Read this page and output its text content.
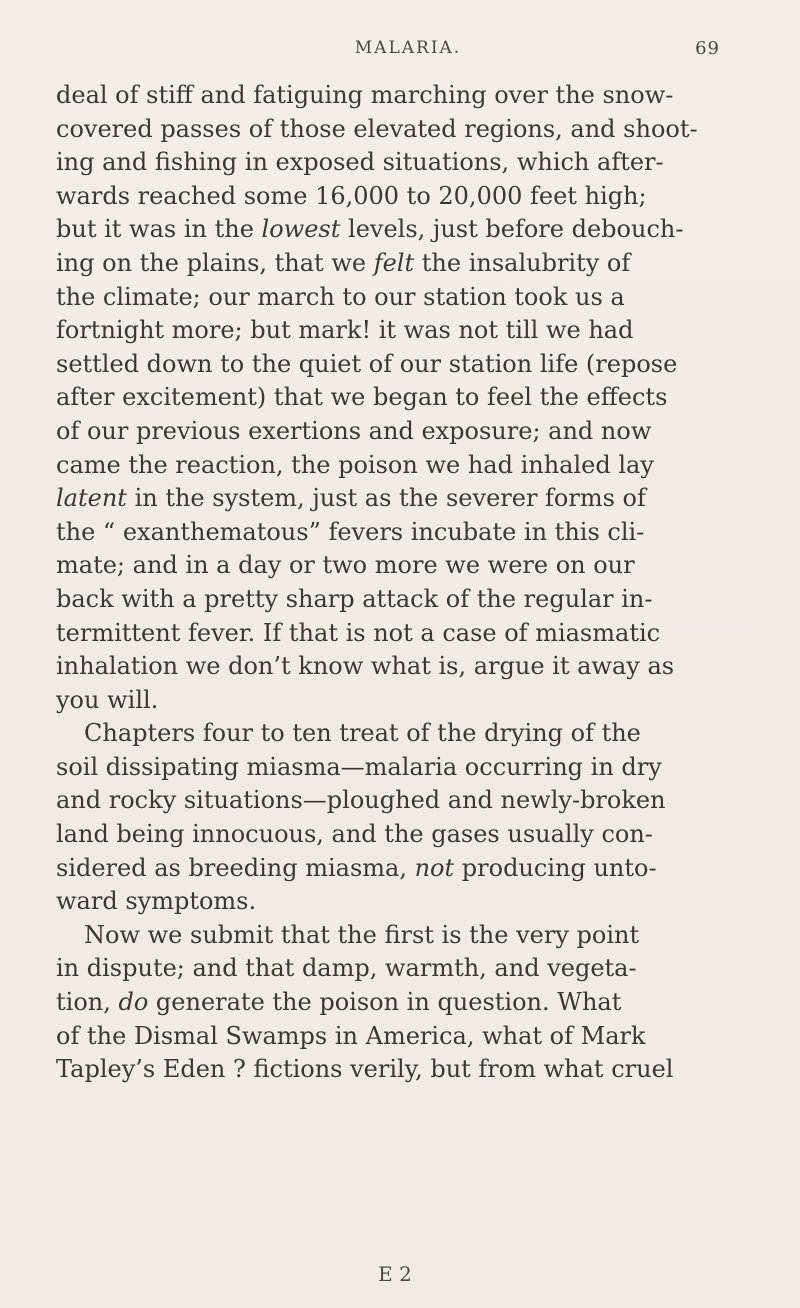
MALARIA.	69

deal of stiff and fatiguing marching over the snow-
covered passes of those elevated regions, and shoot-
ing and fishing in exposed situations, which after-
wards reached some 16,000 to 20,000 feet high;
but it was in the lowest levels, just before debouch-
ing on the plains, that we felt the insalubrity of
the climate; our march to our station took us a
fortnight more; but mark! it was not till we had
settled down to the quiet of our station life (repose
after excitement) that we began to feel the effects
of our previous exertions and exposure; and now
came the reaction, the poison we had inhaled lay
latent in the system, just as the severer forms of
the “ exanthematous” fevers incubate in this cli-
mate; and in a day or two more we were on our
back with a pretty sharp attack of the regular in-
termittent fever. If that is not a case of miasmatic
inhalation we don’t know what is, argue it away as
you will.

Chapters four to ten treat of the drying of the
soil dissipating miasma—malaria occurring in dry
and rocky situations—ploughed and newly-broken
land being innocuous, and the gases usually con-
sidered as breeding miasma, not producing unto-
ward symptoms.

Now we submit that the first is the very point
in dispute; and that damp, warmth, and vegeta-
tion, do generate the poison in question. What
of the Dismal Swamps in America, what of Mark
Tapley’s Eden ? fictions verily, but from what cruel

E 2
